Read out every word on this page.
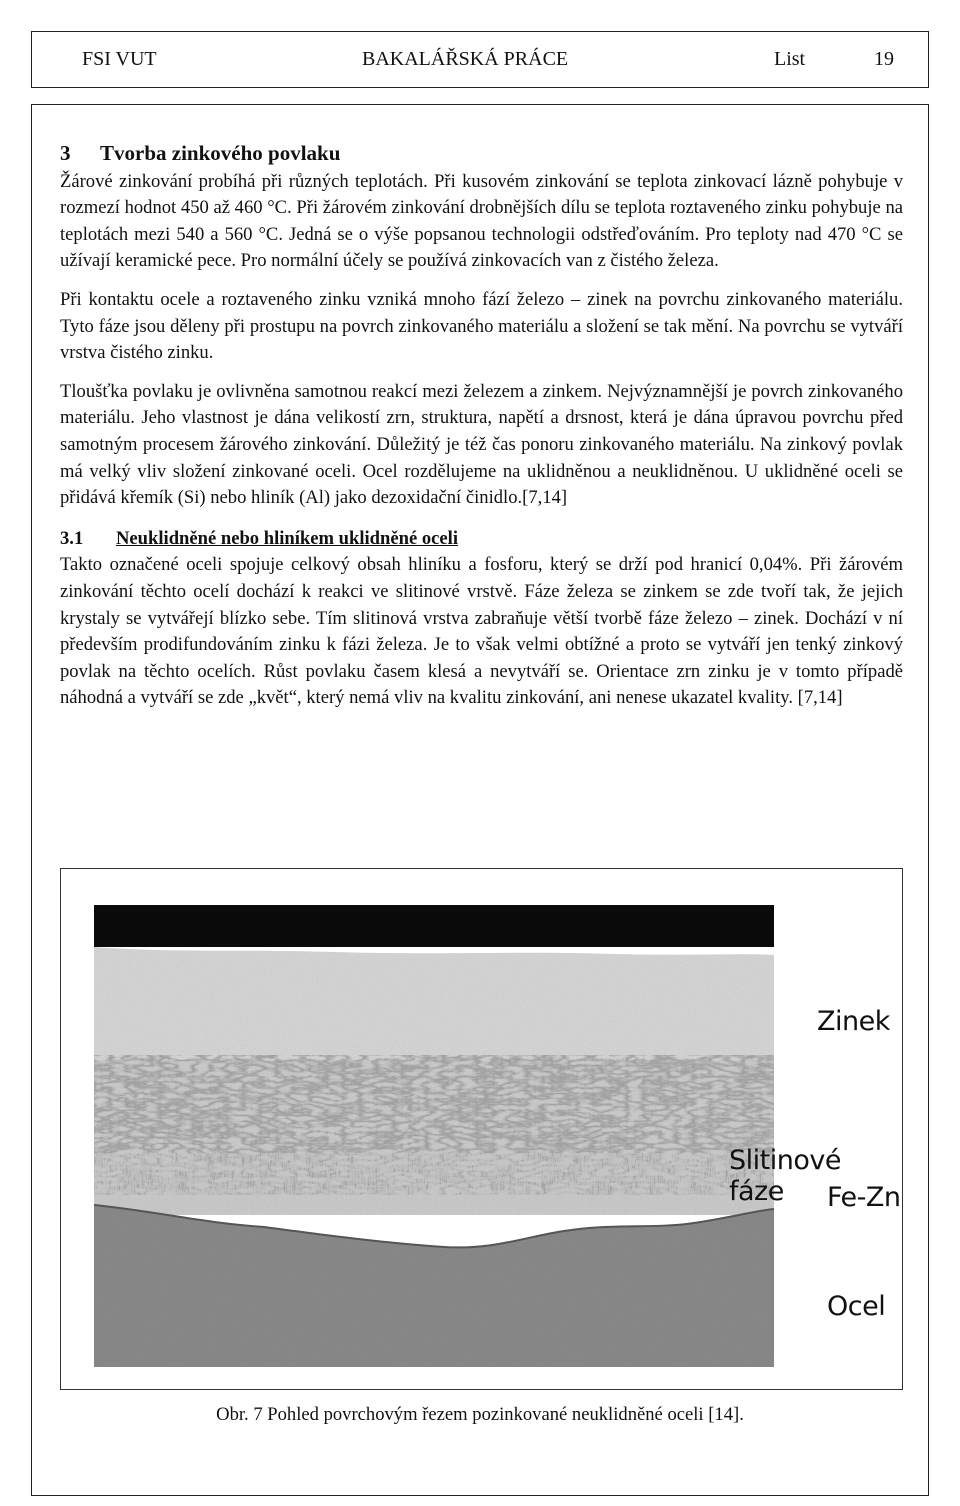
FSI VUT	BAKALÁŘSKÁ PRÁCE	List	19
3 Tvorba zinkového povlaku

Žárové zinkování probíhá při různých teplotách. Při kusovém zinkování se teplota zinkovací lázně pohybuje v rozmezí hodnot 450 až 460 °C. Při žárovém zinkování drobnějších dílu se teplota roztaveného zinku pohybuje na teplotách mezi 540 a 560 °C. Jedná se o výše popsanou technologii odstřeďováním. Pro teploty nad 470 °C se užívají keramické pece. Pro normální účely se používá zinkovacích van z čistého železa.

Při kontaktu ocele a roztaveného zinku vzniká mnoho fází železo – zinek na povrchu zinkovaného materiálu. Tyto fáze jsou děleny při prostupu na povrch zinkovaného materiálu a složení se tak mění. Na povrchu se vytváří vrstva čistého zinku.

Tloušťka povlaku je ovlivněna samotnou reakcí mezi železem a zinkem. Nejvýznamnější je povrch zinkovaného materiálu. Jeho vlastnost je dána velikostí zrn, struktura, napětí a drsnost, která je dána úpravou povrchu před samotným procesem žárového zinkování. Důležitý je též čas ponoru zinkovaného materiálu. Na zinkový povlak má velký vliv složení zinkované oceli. Ocel rozdělujeme na uklidněnou a neuklidněnou. U uklidněné oceli se přidává křemík (Si) nebo hliník (Al) jako dezoxidační činidlo.[7,14]

3.1 Neuklidněné nebo hliníkem uklidněné oceli

Takto označené oceli spojuje celkový obsah hliníku a fosforu, který se drží pod hranicí 0,04%. Při žárovém zinkování těchto ocelí dochází k reakci ve slitinové vrstvě. Fáze železa se zinkem se zde tvoří tak, že jejich krystaly se vytvářejí blízko sebe. Tím slitinová vrstva zabraňuje větší tvorbě fáze železo – zinek. Dochází v ní především prodifundováním zinku k fázi železa. Je to však velmi obtížné a proto se vytváří jen tenký zinkový povlak na těchto ocelích. Růst povlaku časem klesá a nevytváří se. Orientace zrn zinku je v tomto případě náhodná a vytváří se zde „květ“, který nemá vliv na kvalitu zinkování, ani nenese ukazatel kvality. [7,14]

Zinek
Slitinové fáze	Fe-Zn
Ocel
Obr. 7 Pohled povrchovým řezem pozinkované neuklidněné oceli [14].
